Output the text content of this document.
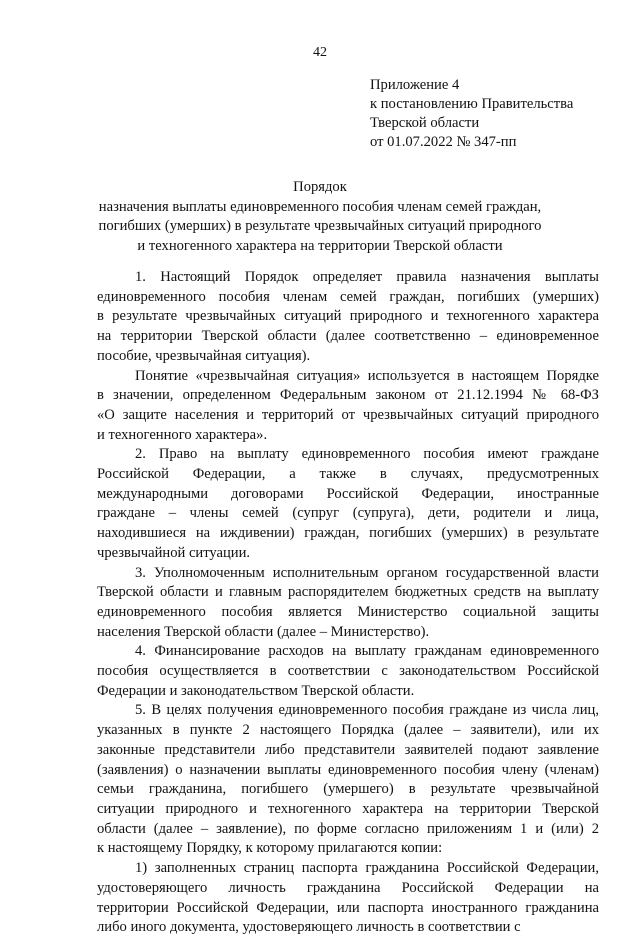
42
Приложение 4
к постановлению Правительства
Тверской области
от 01.07.2022 № 347-пп
Порядок
назначения выплаты единовременного пособия членам семей граждан,
погибших (умерших) в результате чрезвычайных ситуаций природного
и техногенного характера на территории Тверской области

1. Настоящий Порядок определяет правила назначения выплаты
единовременного пособия членам семей граждан, погибших (умерших)
в результате чрезвычайных ситуаций природного и техногенного характера
на территории Тверской области (далее соответственно – единовременное
пособие, чрезвычайная ситуация).

Понятие «чрезвычайная ситуация» используется в настоящем Порядке
в значении, определенном Федеральным законом от 21.12.1994 № 68-ФЗ
«О защите населения и территорий от чрезвычайных ситуаций природного
и техногенного характера».

2. Право на выплату единовременного пособия имеют граждане
Российской Федерации, а также в случаях, предусмотренных
международными договорами Российской Федерации, иностранные
граждане – члены семей (супруг (супруга), дети, родители и лица,
находившиеся на иждивении) граждан, погибших (умерших) в результате
чрезвычайной ситуации.

3. Уполномоченным исполнительным органом государственной власти
Тверской области и главным распорядителем бюджетных средств на выплату
единовременного пособия является Министерство социальной защиты
населения Тверской области (далее – Министерство).

4. Финансирование расходов на выплату гражданам единовременного
пособия осуществляется в соответствии с законодательством Российской
Федерации и законодательством Тверской области.

5. В целях получения единовременного пособия граждане из числа лиц,
указанных в пункте 2 настоящего Порядка (далее – заявители), или их
законные представители либо представители заявителей подают заявление
(заявления) о назначении выплаты единовременного пособия члену (членам)
семьи гражданина, погибшего (умершего) в результате чрезвычайной
ситуации природного и техногенного характера на территории Тверской
области (далее – заявление), по форме согласно приложениям 1 и (или) 2
к настоящему Порядку, к которому прилагаются копии:

1) заполненных страниц паспорта гражданина Российской Федерации,
удостоверяющего личность гражданина Российской Федерации на
территории Российской Федерации, или паспорта иностранного гражданина
либо иного документа, удостоверяющего личность в соответствии с
